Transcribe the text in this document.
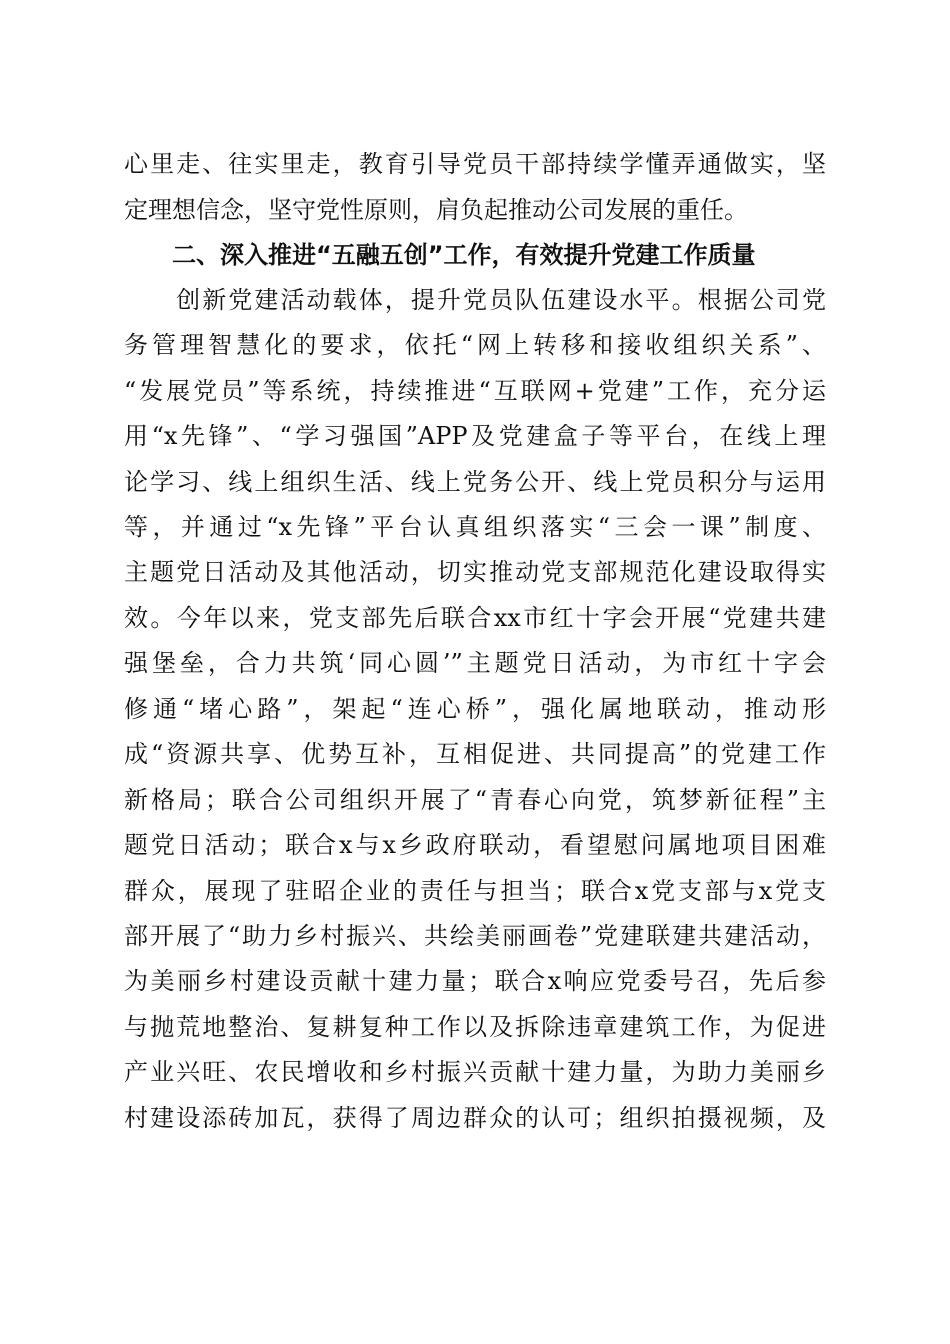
心里走、往实里走，教育引导党员干部持续学懂弄通做实，坚
定理想信念，坚守党性原则，肩负起推动公司发展的重任。
二、深入推进“五融五创”工作，有效提升党建工作质量
　　创新党建活动载体，提升党员队伍建设水平。根据公司党
务管理智慧化的要求，依托“网上转移和接收组织关系”、
“发展党员”等系统，持续推进“互联网+党建”工作，充分运
用“x先锋”、“学习强国”APP及党建盒子等平台，在线上理
论学习、线上组织生活、线上党务公开、线上党员积分与运用
等，并通过“x先锋”平台认真组织落实“三会一课”制度、
主题党日活动及其他活动，切实推动党支部规范化建设取得实
效。今年以来，党支部先后联合xx市红十字会开展“党建共建
强堡垒，合力共筑‘同心圆’”主题党日活动，为市红十字会
修通“堵心路”，架起“连心桥”，强化属地联动，推动形
成“资源共享、优势互补，互相促进、共同提高”的党建工作
新格局；联合公司组织开展了“青春心向党，筑梦新征程”主
题党日活动；联合x与x乡政府联动，看望慰问属地项目困难
群众，展现了驻昭企业的责任与担当；联合x党支部与x党支
部开展了“助力乡村振兴、共绘美丽画卷”党建联建共建活动，
为美丽乡村建设贡献十建力量；联合x响应党委号召，先后参
与抛荒地整治、复耕复种工作以及拆除违章建筑工作，为促进
产业兴旺、农民增收和乡村振兴贡献十建力量，为助力美丽乡
村建设添砖加瓦，获得了周边群众的认可；组织拍摄视频，及
